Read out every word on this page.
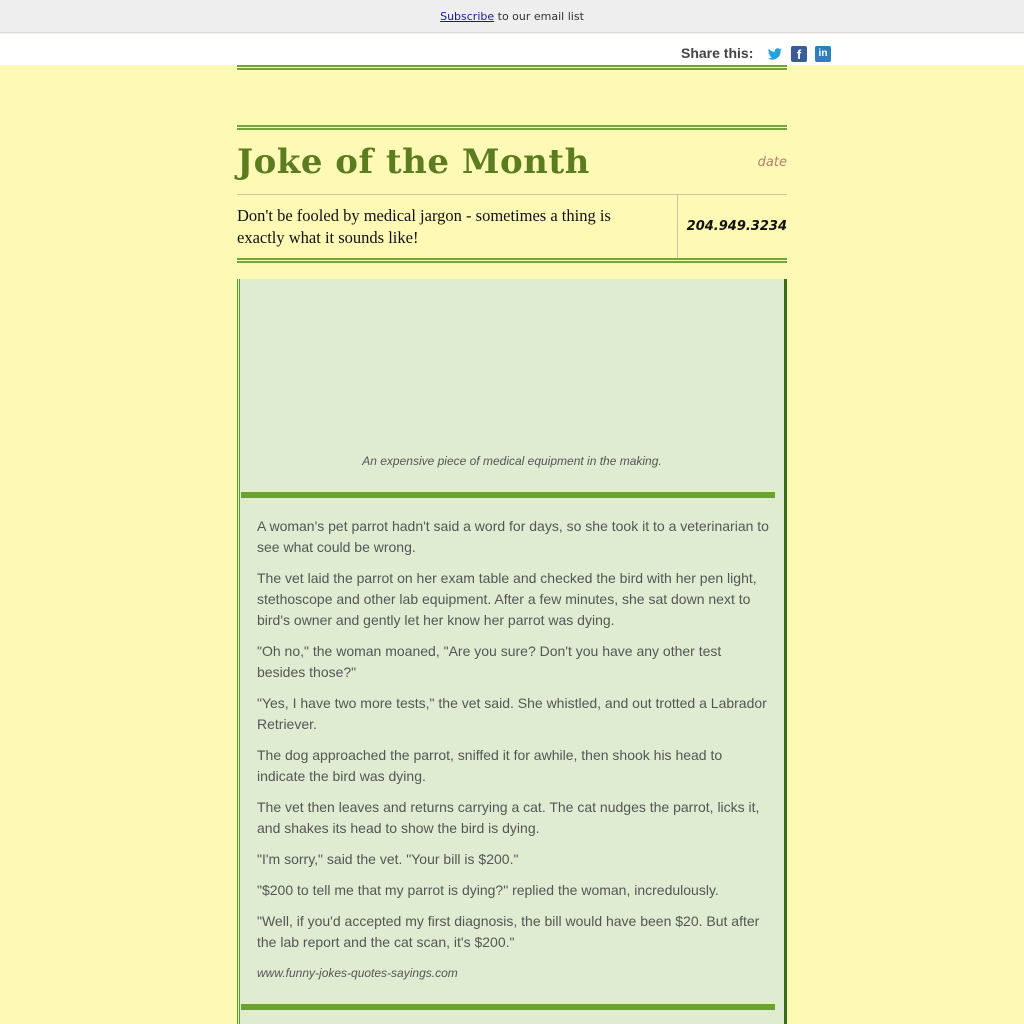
Subscribe to our email list
Share this:	f	in
Joke of the Month	date
Don't be fooled by medical jargon - sometimes a thing is exactly what it sounds like!
204.949.3234
An expensive piece of medical equipment in the making.

A woman's pet parrot hadn't said a word for days, so she took it to a veterinarian to see what could be wrong.

The vet laid the parrot on her exam table and checked the bird with her pen light, stethoscope and other lab equipment. After a few minutes, she sat down next to bird's owner and gently let her know her parrot was dying.

"Oh no," the woman moaned, "Are you sure? Don't you have any other test besides those?"

"Yes, I have two more tests," the vet said. She whistled, and out trotted a Labrador Retriever.

The dog approached the parrot, sniffed it for awhile, then shook his head to indicate the bird was dying.

The vet then leaves and returns carrying a cat. The cat nudges the parrot, licks it, and shakes its head to show the bird is dying.

"I'm sorry," said the vet. "Your bill is $200."

"$200 to tell me that my parrot is dying?" replied the woman, incredulously.

"Well, if you'd accepted my first diagnosis, the bill would have been $20. But after the lab report and the cat scan, it's $200."

www.funny-jokes-quotes-sayings.com
